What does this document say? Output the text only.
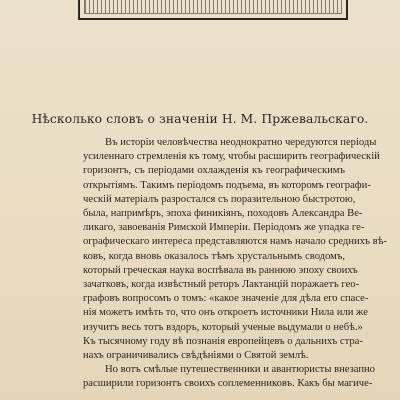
Нѣсколько словъ о значеніи Н. М. Пржевальскаго.
Въ исторіи человѣчества неоднократно чередуются періоды
усиленнаго стремленія къ тому, чтобы расширить географическій
горизонтъ, съ періодами охлажденія къ географическимъ
открытіямъ. Такимъ періодомъ подъема, въ которомъ географи-
ческій матеріалъ разростался съ поразительною быстротою,
была, напримѣръ, эпоха финикіянъ, походовъ Александра Ве-
ликаго, завоеванія Римской Имперіи. Періодомъ же упадка ге-
ографическаго интереса представляются намъ начало среднихъ вѣ-
ковъ, когда вновь оказалось тѣмъ хрустальнымъ сводомъ,
который греческая наука воспѣвала въ раннюю эпоху своихъ
зачатковъ, когда извѣстный реторъ Лактанцій поражаетъ гео-
графовъ вопросомъ о томъ: «какое значеніе для дѣла его спасе-
нія можетъ имѣть то, что онъ откроетъ источники Нила или же
изучитъ весь тотъ вздоръ, который ученые выдумали о небѣ.»
Къ тысячному году вѣ познанія европейцевъ о дальнихъ стра-
нахъ ограничивались свѣдѣніями о Святой землѣ.
Но вотъ смѣлые путешественники и авантюристы внезапно
расширили горизонтъ своихъ соплеменниковъ. Какъ бы магиче-
